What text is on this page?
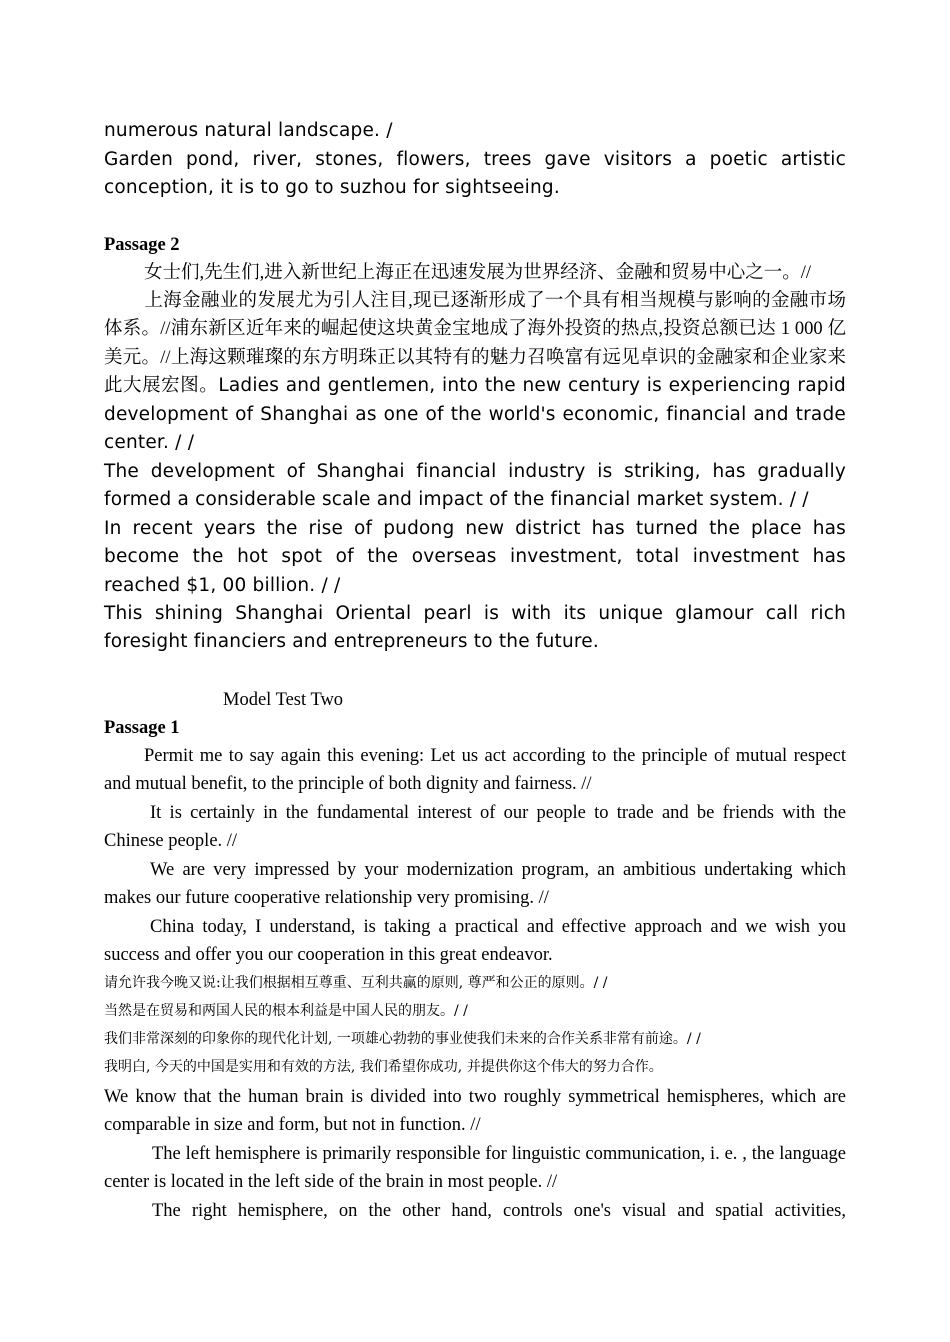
numerous natural landscape. /

Garden pond, river, stones, flowers, trees gave visitors a poetic artistic conception, it is to go to suzhou for sightseeing.

Passage 2

女士们,先生们,进入新世纪上海正在迅速发展为世界经济、金融和贸易中心之一。//

上海金融业的发展尤为引人注目,现已逐渐形成了一个具有相当规模与影响的金融市场体系。//浦东新区近年来的崛起使这块黄金宝地成了海外投资的热点,投资总额已达 1 000 亿美元。//上海这颗璀璨的东方明珠正以其特有的魅力召唤富有远见卓识的金融家和企业家来此大展宏图。Ladies and gentlemen, into the new century is experiencing rapid development of Shanghai as one of the world's economic, financial and trade center. / /

The development of Shanghai financial industry is striking, has gradually formed a considerable scale and impact of the financial market system. / /

In recent years the rise of pudong new district has turned the place has become the hot spot of the overseas investment, total investment has reached $1, 00 billion. / /

This shining Shanghai Oriental pearl is with its unique glamour call rich foresight financiers and entrepreneurs to the future.

Model Test Two

Passage 1

Permit me to say again this evening: Let us act according to the principle of mutual respect and mutual benefit, to the principle of both dignity and fairness. //

It is certainly in the fundamental interest of our people to trade and be friends with the Chinese people. //

We are very impressed by your modernization program, an ambitious undertaking which makes our future cooperative relationship very promising. //

China today, I understand, is taking a practical and effective approach and we wish you success and offer you our cooperation in this great endeavor.

请允许我今晚又说:让我们根据相互尊重、互利共赢的原则, 尊严和公正的原则。/ /

当然是在贸易和两国人民的根本利益是中国人民的朋友。/ /

我们非常深刻的印象你的现代化计划, 一项雄心勃勃的事业使我们未来的合作关系非常有前途。/ /

我明白, 今天的中国是实用和有效的方法, 我们希望你成功, 并提供你这个伟大的努力合作。

We know that the human brain is divided into two roughly symmetrical hemispheres, which are comparable in size and form, but not in function. //

The left hemisphere is primarily responsible for linguistic communication, i. e. , the language center is located in the left side of the brain in most people. //

The right hemisphere, on the other hand, controls one's visual and spatial activities,
